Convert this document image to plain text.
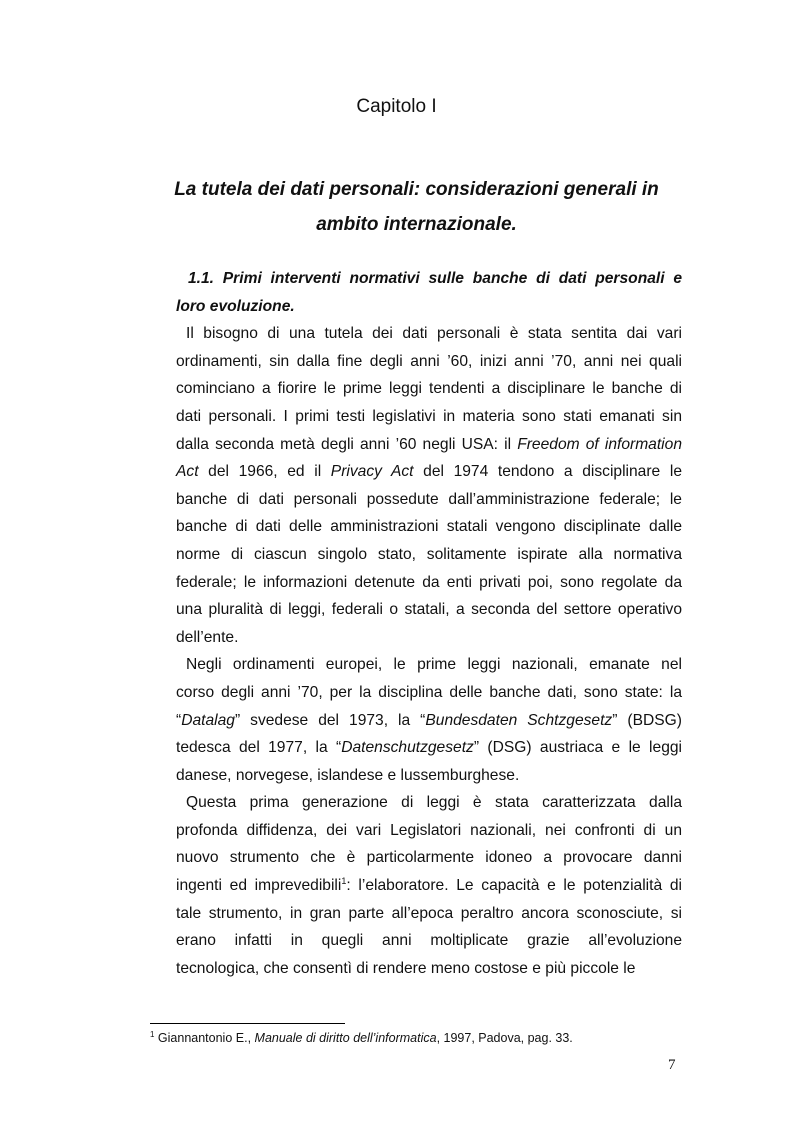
Capitolo I
La tutela dei dati personali: considerazioni generali in
ambito internazionale.
1.1. Primi interventi normativi sulle banche di dati personali e
loro evoluzione.
Il bisogno di una tutela dei dati personali è stata sentita dai vari
ordinamenti, sin dalla fine degli anni ’60, inizi anni ’70, anni nei quali
cominciano a fiorire le prime leggi tendenti a disciplinare le banche di
dati personali. I primi testi legislativi in materia sono stati emanati sin
dalla seconda metà degli anni ’60 negli USA: il Freedom of information
Act del 1966, ed il Privacy Act del 1974 tendono a disciplinare le
banche di dati personali possedute dall’amministrazione federale; le
banche di dati delle amministrazioni statali vengono disciplinate dalle
norme di ciascun singolo stato, solitamente ispirate alla normativa
federale; le informazioni detenute da enti privati poi, sono regolate da
una pluralità di leggi, federali o statali, a seconda del settore operativo
dell’ente.
Negli ordinamenti europei, le prime leggi nazionali, emanate nel
corso degli anni ’70, per la disciplina delle banche dati, sono state: la
“Datalag” svedese del 1973, la “Bundesdaten Schtzgesetz” (BDSG)
tedesca del 1977, la “Datenschutzgesetz” (DSG) austriaca e le leggi
danese, norvegese, islandese e lussemburghese.
Questa prima generazione di leggi è stata caratterizzata dalla
profonda diffidenza, dei vari Legislatori nazionali, nei confronti di un
nuovo strumento che è particolarmente idoneo a provocare danni
ingenti ed imprevedibili$^1$: l’elaboratore. Le capacità e le potenzialità di
tale strumento, in gran parte all’epoca peraltro ancora sconosciute, si
erano infatti in quegli anni moltiplicate grazie all’evoluzione
tecnologica, che consentì di rendere meno costose e più piccole le
$^1$ Giannantonio E., Manuale di diritto dell’informatica, 1997, Padova, pag. 33.
7
